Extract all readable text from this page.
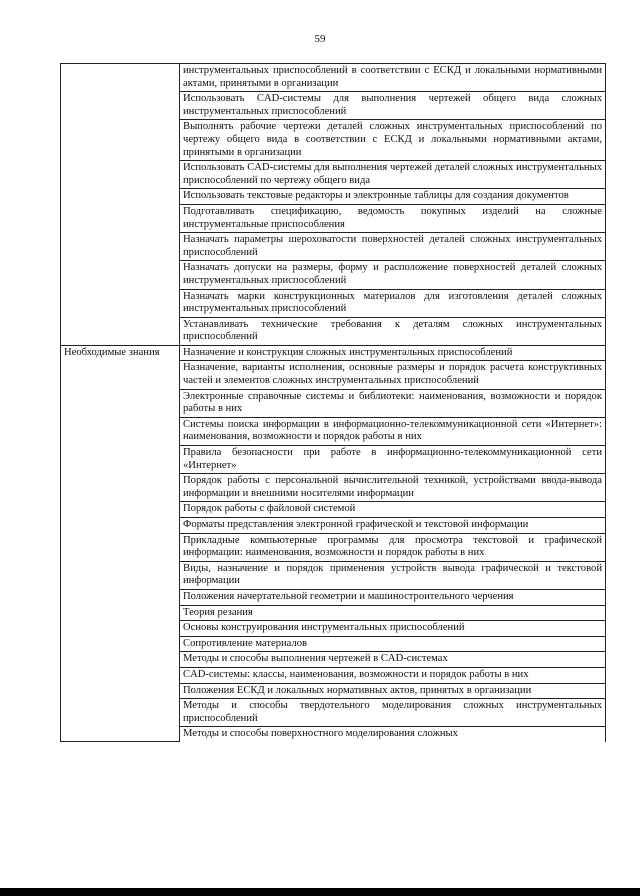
59
	инструментальных приспособлений в соответствии с ЕСКД и локальными нормативными актами, принятыми в организации
	Использовать CAD-системы для выполнения чертежей общего вида сложных инструментальных приспособлений
	Выполнять рабочие чертежи деталей сложных инструментальных приспособлений по чертежу общего вида в соответствии с ЕСКД и локальными нормативными актами, принятыми в организации
	Использовать CAD-системы для выполнения чертежей деталей сложных инструментальных приспособлений по чертежу общего вида
	Использовать текстовые редакторы и электронные таблицы для создания документов
	Подготавливать спецификацию, ведомость покупных изделий на сложные инструментальные приспособления
	Назначать параметры шероховатости поверхностей деталей сложных инструментальных приспособлений
	Назначать допуски на размеры, форму и расположение поверхностей деталей сложных инструментальных приспособлений
	Назначать марки конструкционных материалов для изготовления деталей сложных инструментальных приспособлений
	Устанавливать технические требования к деталям сложных инструментальных приспособлений
Необходимые знания	Назначение и конструкция сложных инструментальных приспособлений
	Назначение, варианты исполнения, основные размеры и порядок расчета конструктивных частей и элементов сложных инструментальных приспособлений
	Электронные справочные системы и библиотеки: наименования, возможности и порядок работы в них
	Системы поиска информации в информационно-телекоммуникационной сети «Интернет»: наименования, возможности и порядок работы в них
	Правила безопасности при работе в информационно-телекоммуникационной сети «Интернет»
	Порядок работы с персональной вычислительной техникой, устройствами ввода-вывода информации и внешними носителями информации
	Порядок работы с файловой системой
	Форматы представления электронной графической и текстовой информации
	Прикладные компьютерные программы для просмотра текстовой и графической информации: наименования, возможности и порядок работы в них
	Виды, назначение и порядок применения устройств вывода графической и текстовой информации
	Положения начертательной геометрии и машиностроительного черчения
	Теория резания
	Основы конструирования инструментальных приспособлений
	Сопротивление материалов
	Методы и способы выполнения чертежей в CAD-системах
	CAD-системы: классы, наименования, возможности и порядок работы в них
	Положения ЕСКД и локальных нормативных актов, принятых в организации
	Методы и способы твердотельного моделирования сложных инструментальных приспособлений
	Методы и способы поверхностного моделирования сложных
